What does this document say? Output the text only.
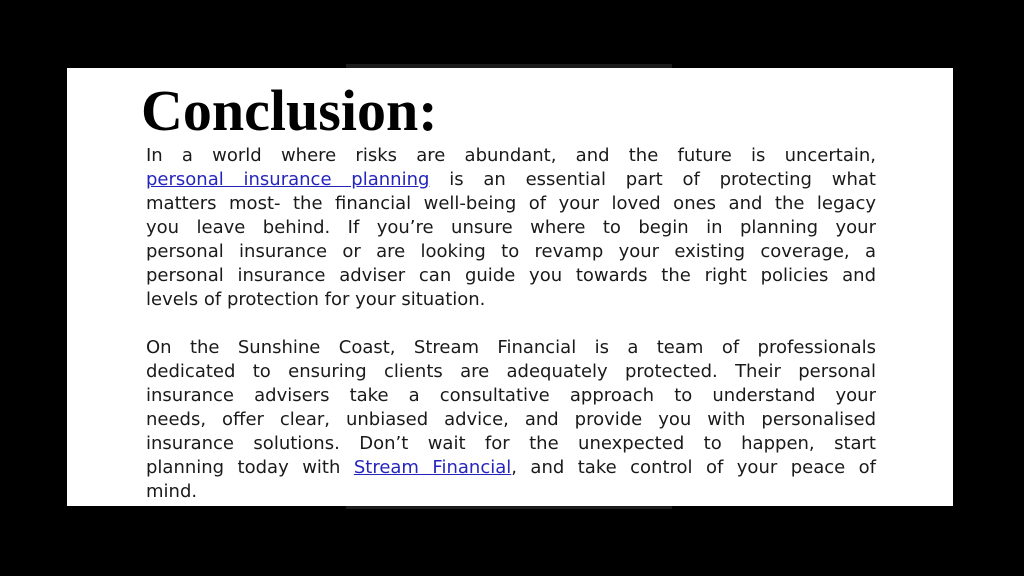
Conclusion:
In a world where risks are abundant, and the future is uncertain,
personal insurance planning is an essential part of protecting what
matters most- the financial well-being of your loved ones and the legacy
you leave behind. If you’re unsure where to begin in planning your
personal insurance or are looking to revamp your existing coverage, a
personal insurance adviser can guide you towards the right policies and
levels of protection for your situation.
On the Sunshine Coast, Stream Financial is a team of professionals
dedicated to ensuring clients are adequately protected. Their personal
insurance advisers take a consultative approach to understand your
needs, offer clear, unbiased advice, and provide you with personalised
insurance solutions. Don’t wait for the unexpected to happen, start
planning today with Stream Financial, and take control of your peace of
mind.
